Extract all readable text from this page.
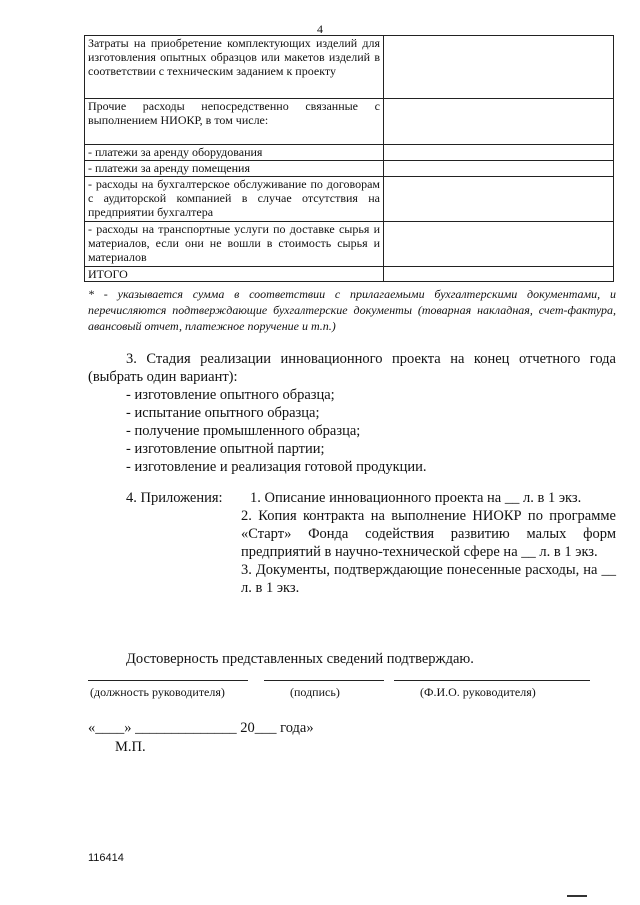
4
Затраты на приобретение комплектующих изделий для изготовления опытных образцов или макетов изделий в соответствии с техническим заданием к проекту	
Прочие расходы непосредственно связанные с выполнением НИОКР, в том числе:	
- платежи за аренду оборудования	
- платежи за аренду помещения	
- расходы на бухгалтерское обслуживание по договорам с аудиторской компанией в случае отсутствия на предприятии бухгалтера	
- расходы на транспортные услуги по доставке сырья и материалов, если они не вошли в стоимость сырья и материалов	
ИТОГО	
* - указывается сумма в соответствии с прилагаемыми бухгалтерскими документами, и перечисляются подтверждающие бухгалтерские документы (товарная накладная, счет-фактура, авансовый отчет, платежное поручение и т.п.)
3. Стадия реализации инновационного проекта на конец отчетного года (выбрать один вариант):
- изготовление опытного образца;
- испытание опытного образца;
- получение промышленного образца;
- изготовление опытной партии;
- изготовление и реализация готовой продукции.
4. Приложения:	1. Описание инновационного проекта на __ л. в 1 экз.
2. Копия контракта на выполнение НИОКР по программе «Старт» Фонда содействия развитию малых форм предприятий в научно-технической сфере на __ л. в 1 экз.
3. Документы, подтверждающие понесенные расходы, на __ л. в 1 экз.
Достоверность представленных сведений подтверждаю.
(должность руководителя)	(подпись)	(Ф.И.О. руководителя)
«____» ______________ 20___ года»
М.П.
116414
